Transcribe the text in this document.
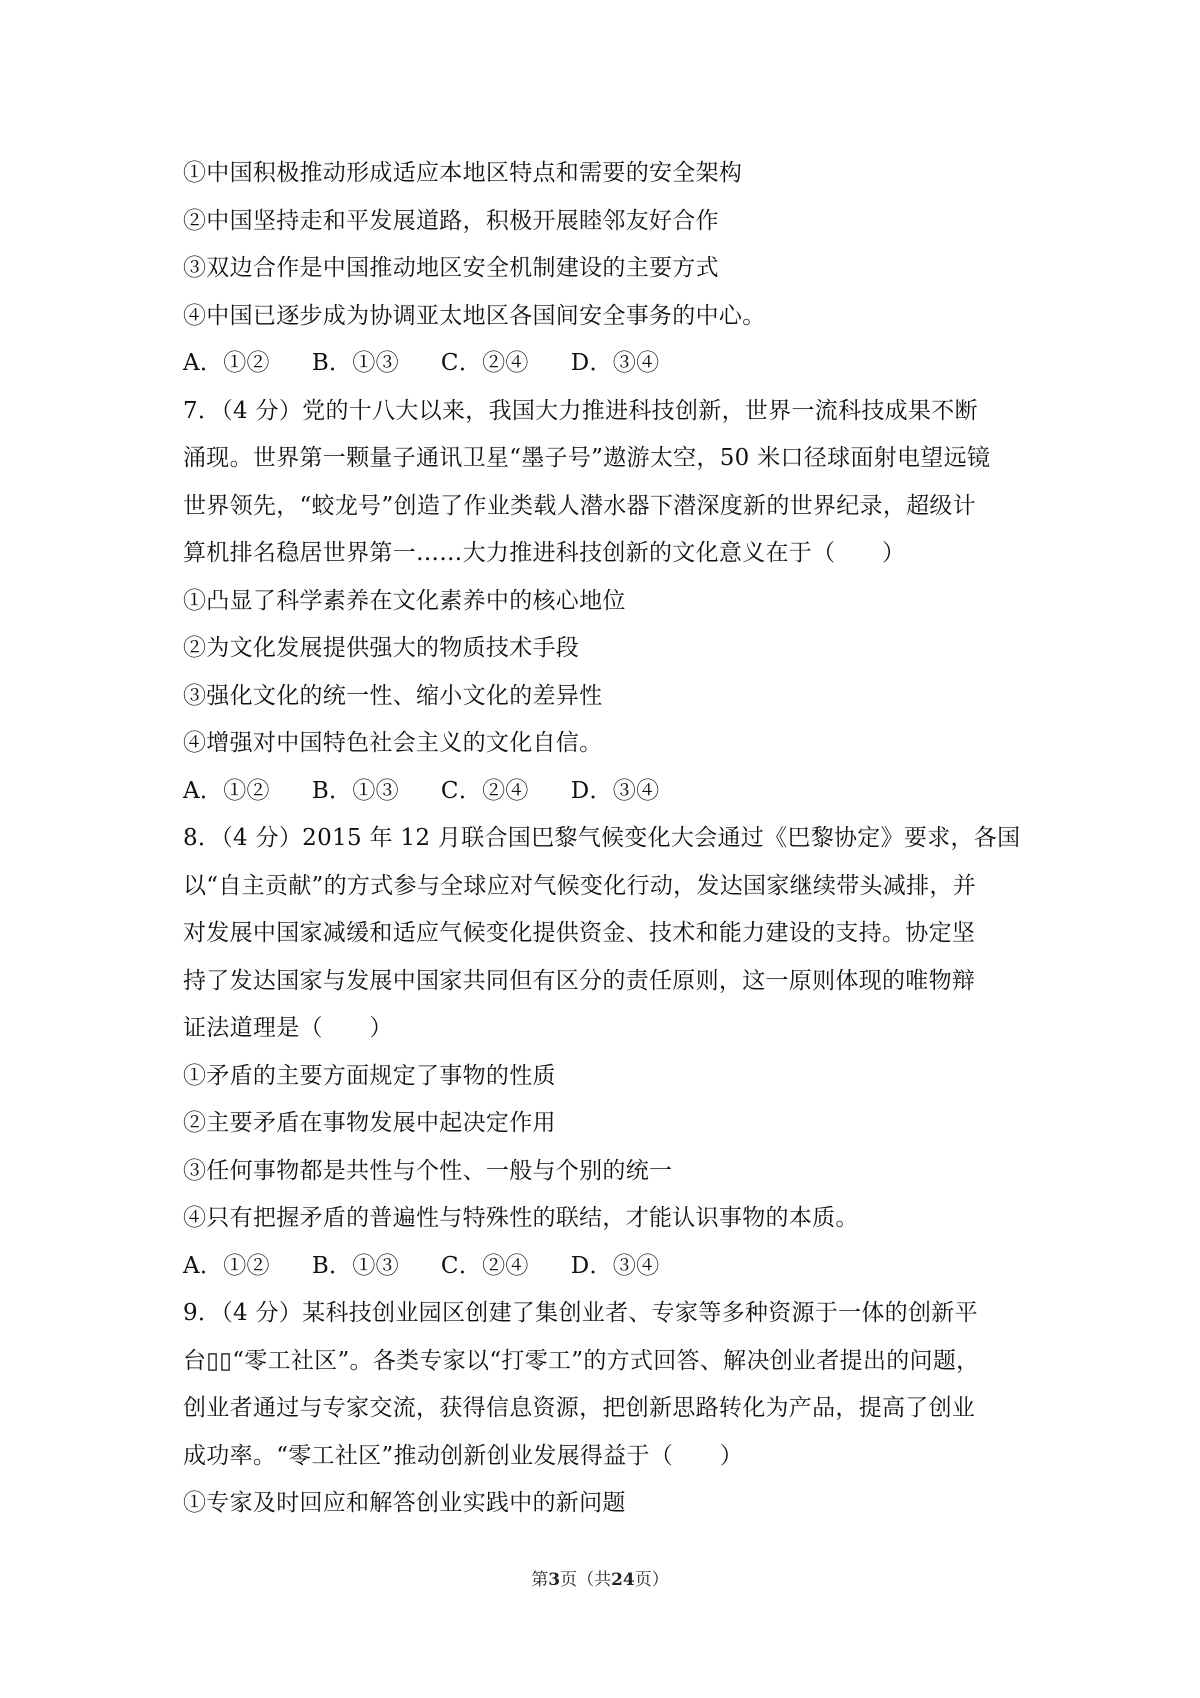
①中国积极推动形成适应本地区特点和需要的安全架构
②中国坚持走和平发展道路，积极开展睦邻友好合作
③双边合作是中国推动地区安全机制建设的主要方式
④中国已逐步成为协调亚太地区各国间安全事务的中心。
A．①② B．①③ C．②④ D．③④
7．（4 分）党的十八大以来，我国大力推进科技创新，世界一流科技成果不断
涌现。世界第一颗量子通讯卫星“墨子号”遨游太空，50 米口径球面射电望远镜
世界领先，“蛟龙号”创造了作业类载人潜水器下潜深度新的世界纪录，超级计
算机排名稳居世界第一……大力推进科技创新的文化意义在于（　　）
①凸显了科学素养在文化素养中的核心地位
②为文化发展提供强大的物质技术手段
③强化文化的统一性、缩小文化的差异性
④增强对中国特色社会主义的文化自信。
A．①② B．①③ C．②④ D．③④
8．（4 分）2015 年 12 月联合国巴黎气候变化大会通过《巴黎协定》要求，各国
以“自主贡献”的方式参与全球应对气候变化行动，发达国家继续带头减排，并
对发展中国家减缓和适应气候变化提供资金、技术和能力建设的支持。协定坚
持了发达国家与发展中国家共同但有区分的责任原则，这一原则体现的唯物辩
证法道理是（　　）
①矛盾的主要方面规定了事物的性质
②主要矛盾在事物发展中起决定作用
③任何事物都是共性与个性、一般与个别的统一
④只有把握矛盾的普遍性与特殊性的联结，才能认识事物的本质。
A．①② B．①③ C．②④ D．③④
9．（4 分）某科技创业园区创建了集创业者、专家等多种资源于一体的创新平
台▯▯“零工社区”。各类专家以“打零工”的方式回答、解决创业者提出的问题，
创业者通过与专家交流，获得信息资源，把创新思路转化为产品，提高了创业
成功率。“零工社区”推动创新创业发展得益于（　　）
①专家及时回应和解答创业实践中的新问题
第3页（共24页）
